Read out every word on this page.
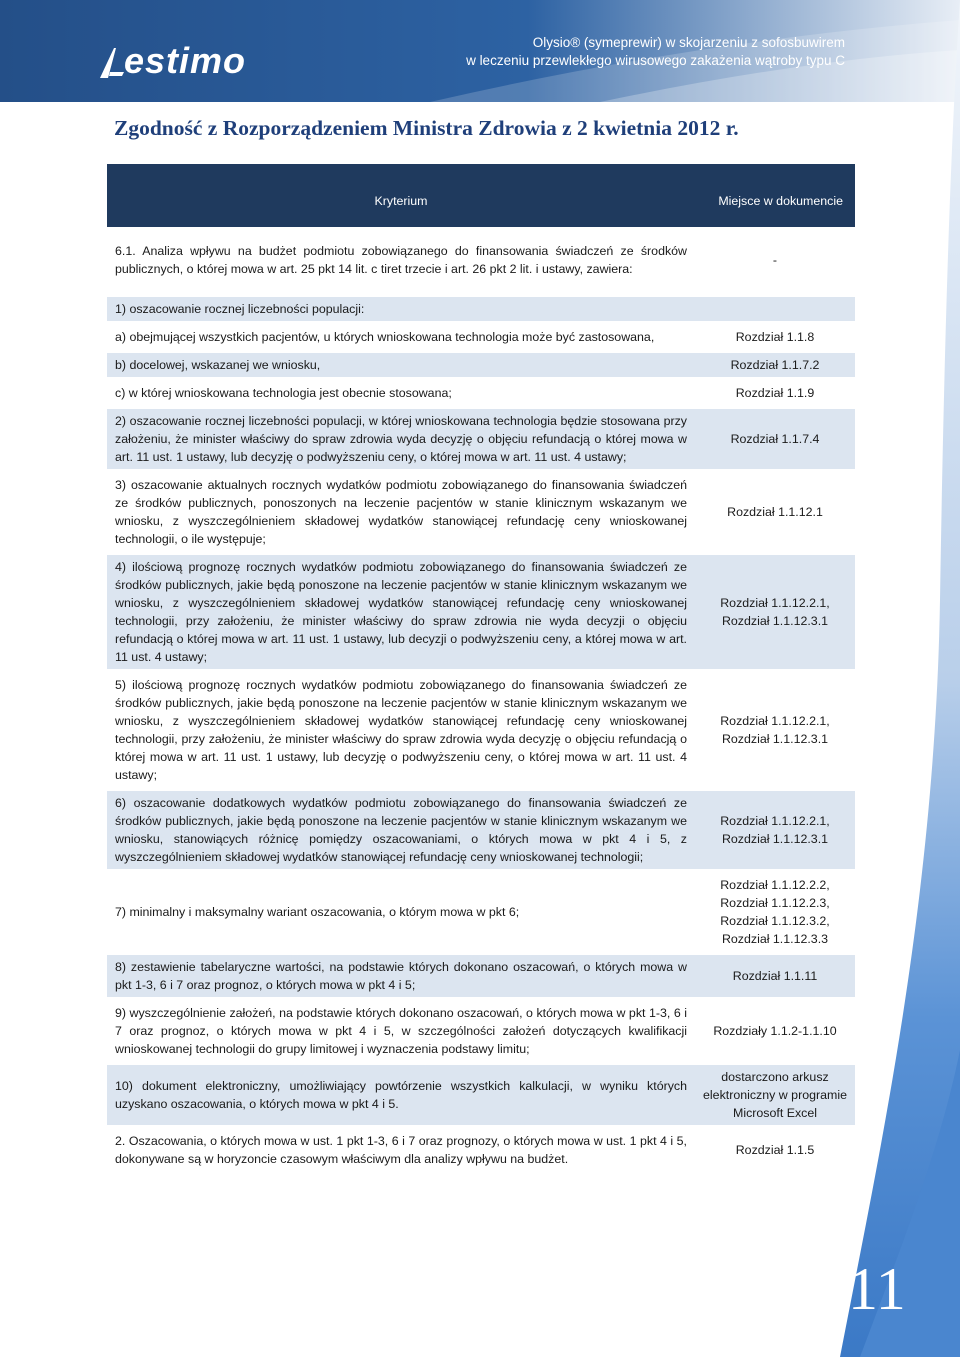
estimo	Olysio® (symeprewir) w skojarzeniu z sofosbuwirem
w leczeniu przewlekłego wirusowego zakażenia wątroby typu C
Zgodność z Rozporządzeniem Ministra Zdrowia z 2 kwietnia 2012 r.
Kryterium	Miejsce w dokumencie
6.1. Analiza wpływu na budżet podmiotu zobowiązanego do finansowania świadczeń ze środków publicznych, o której mowa w art. 25 pkt 14 lit. c tiret trzecie i art. 26 pkt 2 lit. i ustawy, zawiera:	-

1) oszacowanie rocznej liczebności populacji:	

a) obejmującej wszystkich pacjentów, u których wnioskowana technologia może być zastosowana,	Rozdział 1.1.8

b) docelowej, wskazanej we wniosku,	Rozdział 1.1.7.2

c) w której wnioskowana technologia jest obecnie stosowana;	Rozdział 1.1.9

2) oszacowanie rocznej liczebności populacji, w której wnioskowana technologia będzie stosowana przy założeniu, że minister właściwy do spraw zdrowia wyda decyzję o objęciu refundacją o której mowa w art. 11 ust. 1 ustawy, lub decyzję o podwyższeniu ceny, o której mowa w art. 11 ust. 4 ustawy;	Rozdział 1.1.7.4

3) oszacowanie aktualnych rocznych wydatków podmiotu zobowiązanego do finansowania świadczeń ze środków publicznych, ponoszonych na leczenie pacjentów w stanie klinicznym wskazanym we wniosku, z wyszczególnieniem składowej wydatków stanowiącej refundację ceny wnioskowanej technologii, o ile występuje;	Rozdział 1.1.12.1

4) ilościową prognozę rocznych wydatków podmiotu zobowiązanego do finansowania świadczeń ze środków publicznych, jakie będą ponoszone na leczenie pacjentów w stanie klinicznym wskazanym we wniosku, z wyszczególnieniem składowej wydatków stanowiącej refundację ceny wnioskowanej technologii, przy założeniu, że minister właściwy do spraw zdrowia nie wyda decyzji o objęciu refundacją o której mowa w art. 11 ust. 1 ustawy, lub decyzji o podwyższeniu ceny, a której mowa w art. 11 ust. 4 ustawy;	Rozdział 1.1.12.2.1, Rozdział 1.1.12.3.1

5) ilościową prognozę rocznych wydatków podmiotu zobowiązanego do finansowania świadczeń ze środków publicznych, jakie będą ponoszone na leczenie pacjentów w stanie klinicznym wskazanym we wniosku, z wyszczególnieniem składowej wydatków stanowiącej refundację ceny wnioskowanej technologii, przy założeniu, że minister właściwy do spraw zdrowia wyda decyzję o objęciu refundacją o której mowa w art. 11 ust. 1 ustawy, lub decyzję o podwyższeniu ceny, o której mowa w art. 11 ust. 4 ustawy;	Rozdział 1.1.12.2.1, Rozdział 1.1.12.3.1

6) oszacowanie dodatkowych wydatków podmiotu zobowiązanego do finansowania świadczeń ze środków publicznych, jakie będą ponoszone na leczenie pacjentów w stanie klinicznym wskazanym we wniosku, stanowiących różnicę pomiędzy oszacowaniami, o których mowa w pkt 4 i 5, z wyszczególnieniem składowej wydatków stanowiącej refundację ceny wnioskowanej technologii;	Rozdział 1.1.12.2.1, Rozdział 1.1.12.3.1

7) minimalny i maksymalny wariant oszacowania, o którym mowa w pkt 6;	Rozdział 1.1.12.2.2, Rozdział 1.1.12.2.3, Rozdział 1.1.12.3.2, Rozdział 1.1.12.3.3

8) zestawienie tabelaryczne wartości, na podstawie których dokonano oszacowań, o których mowa w pkt 1-3, 6 i 7 oraz prognoz, o których mowa w pkt 4 i 5;	Rozdział 1.1.11

9) wyszczególnienie założeń, na podstawie których dokonano oszacowań, o których mowa w pkt 1-3, 6 i 7 oraz prognoz, o których mowa w pkt 4 i 5, w szczególności założeń dotyczących kwalifikacji wnioskowanej technologii do grupy limitowej i wyznaczenia podstawy limitu;	Rozdziały 1.1.2-1.1.10

10) dokument elektroniczny, umożliwiający powtórzenie wszystkich kalkulacji, w wyniku których uzyskano oszacowania, o których mowa w pkt 4 i 5.	dostarczono arkusz elektroniczny w programie Microsoft Excel

2. Oszacowania, o których mowa w ust. 1 pkt 1-3, 6 i 7 oraz prognozy, o których mowa w ust. 1 pkt 4 i 5, dokonywane są w horyzoncie czasowym właściwym dla analizy wpływu na budżet.	Rozdział 1.1.5
11
